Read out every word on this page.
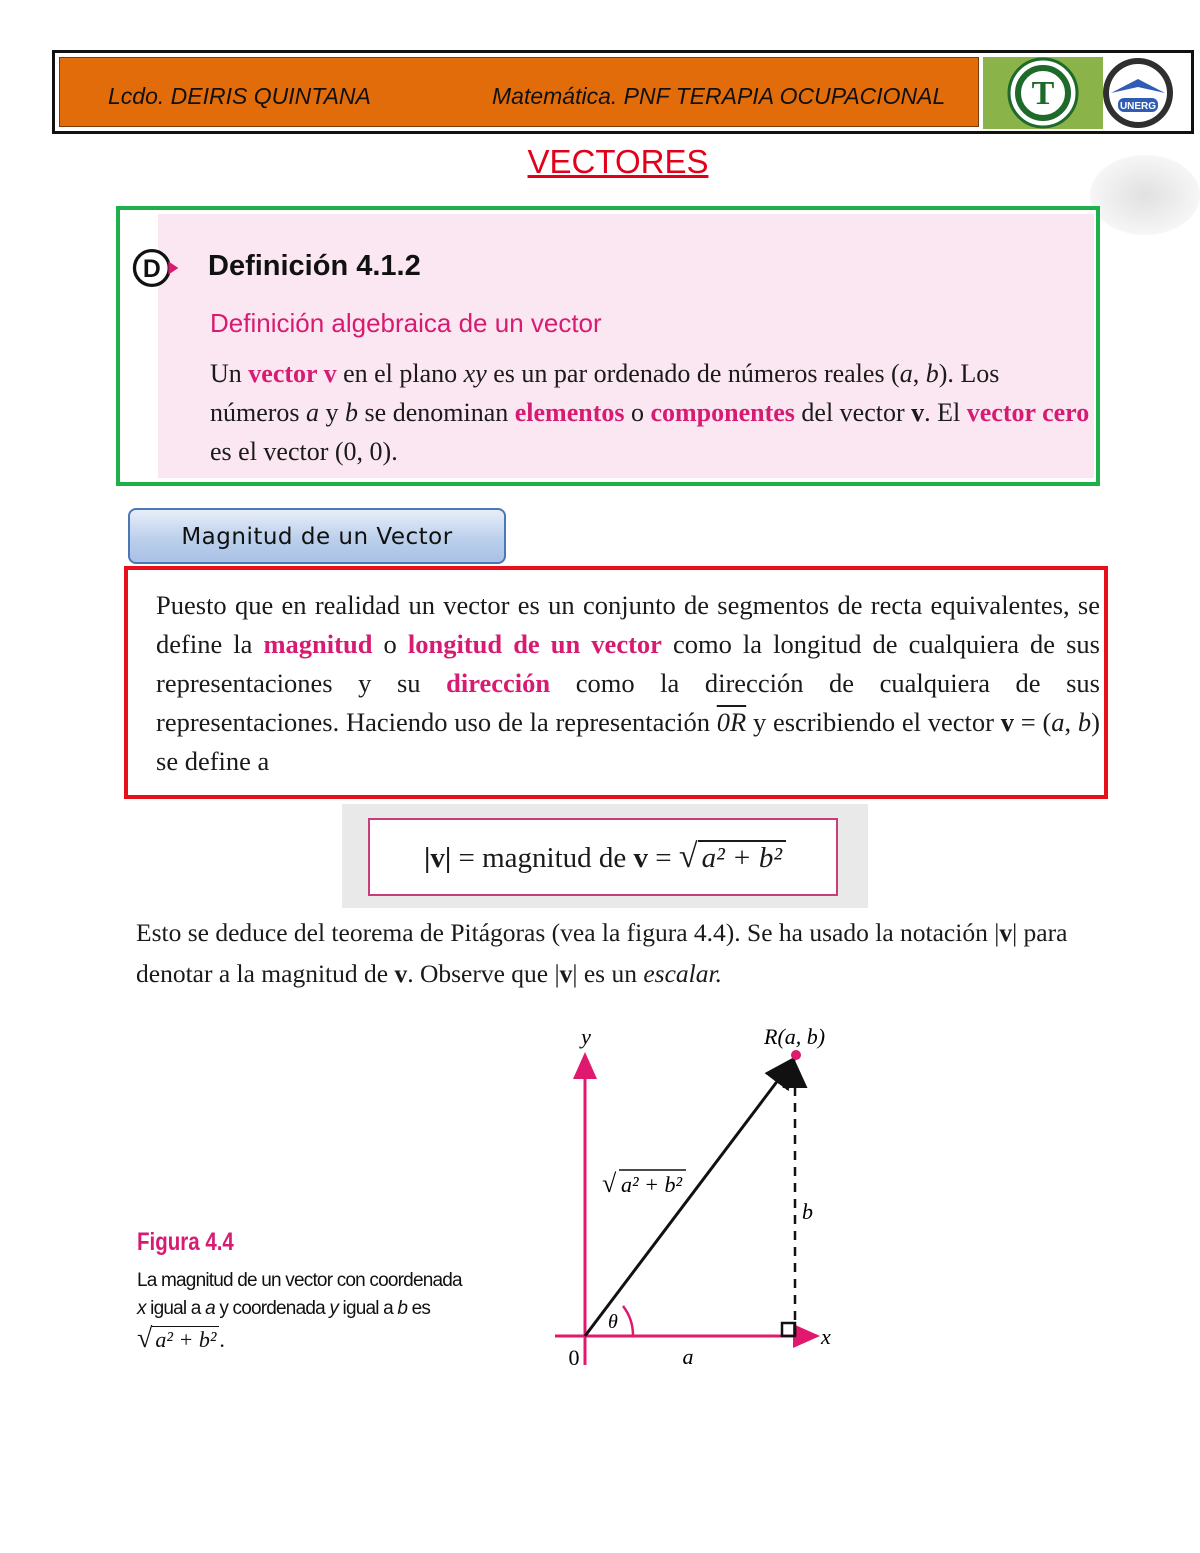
Lcdo. DEIRIS QUINTANA	Matemática. PNF TERAPIA OCUPACIONAL	T	UNERG
VECTORES
D Definición 4.1.2
Definición algebraica de un vector
Un vector v en el plano xy es un par ordenado de números reales (a, b). Los números a y b se denominan elementos o componentes del vector v. El vector cero es el vector (0, 0).
Magnitud de un Vector
Puesto que en realidad un vector es un conjunto de segmentos de recta equivalentes, se define la magnitud o longitud de un vector como la longitud de cualquiera de sus representaciones y su dirección como la dirección de cualquiera de sus representaciones. Haciendo uso de la representación 0R y escribiendo el vector v = (a, b) se define a
|v| = magnitud de v = √ a² + b²
Esto se deduce del teorema de Pitágoras (vea la figura 4.4). Se ha usado la notación |v| para denotar a la magnitud de v. Observe que |v| es un escalar.
Figura 4.4
La magnitud de un vector con coordenada
x igual a a y coordenada y igual a b es
√ a² + b² .
y
x
0
R(a, b)
√ a² + b²
b
a
θ
